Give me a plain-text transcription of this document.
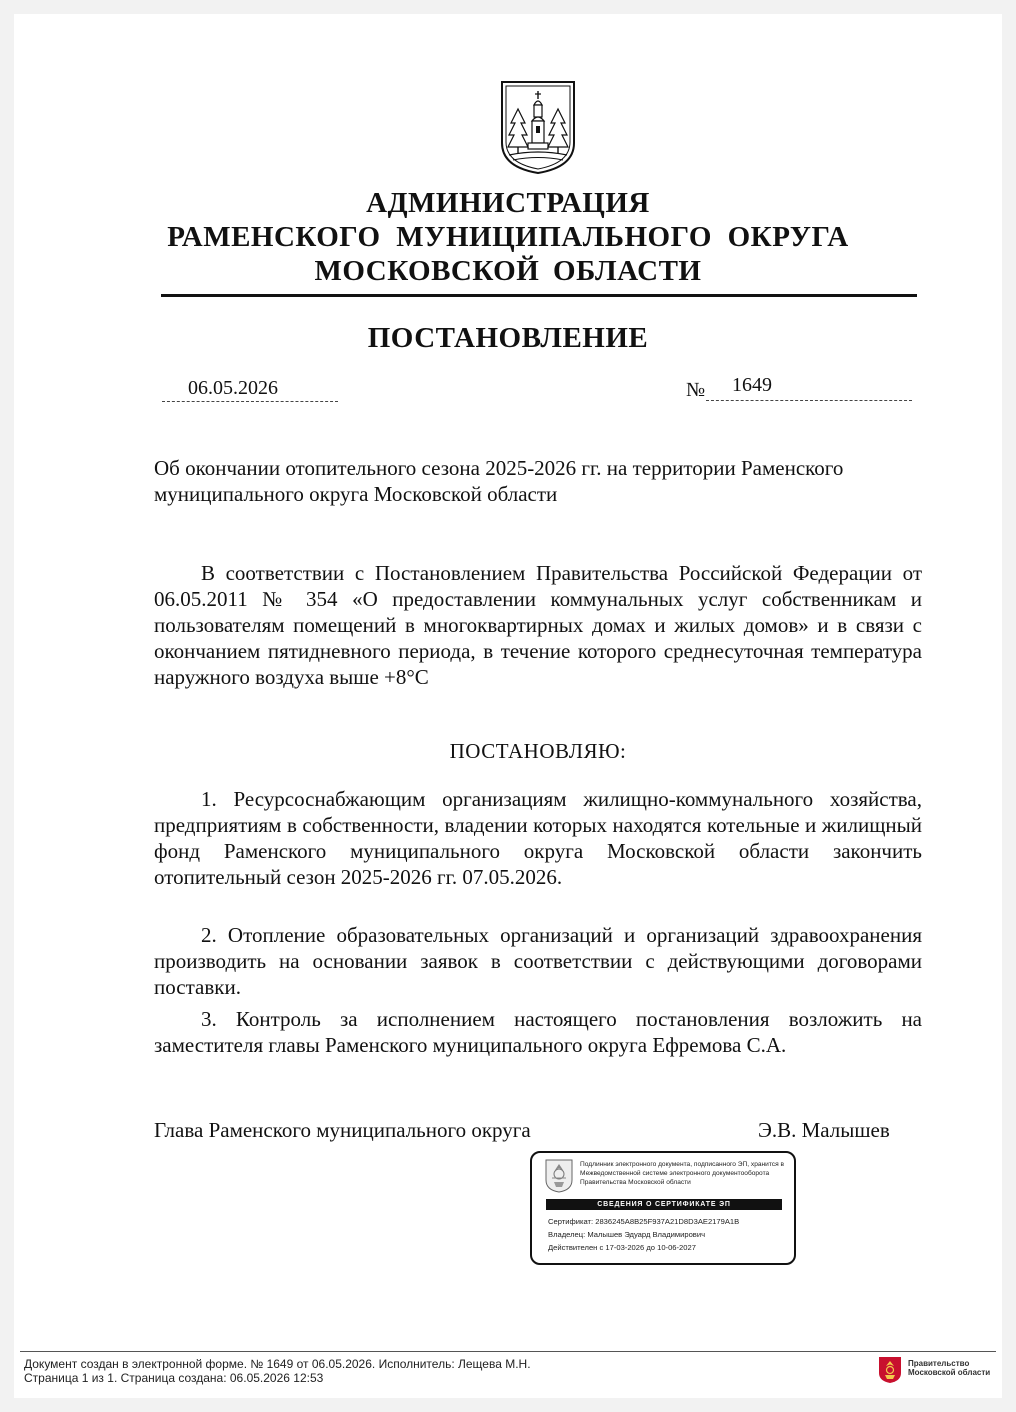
АДМИНИСТРАЦИЯ
РАМЕНСКОГО МУНИЦИПАЛЬНОГО ОКРУГА
МОСКОВСКОЙ ОБЛАСТИ
ПОСТАНОВЛЕНИЕ
06.05.2026	№ 1649
Об окончании отопительного сезона 2025-2026 гг. на территории Раменского муниципального округа Московской области
В соответствии с Постановлением Правительства Российской Федерации от 06.05.2011 № 354 «О предоставлении коммунальных услуг собственникам и пользователям помещений в многоквартирных домах и жилых домов» и в связи с окончанием пятидневного периода, в течение которого среднесуточная температура наружного воздуха выше +8°С
ПОСТАНОВЛЯЮ:
1. Ресурсоснабжающим организациям жилищно-коммунального хозяйства, предприятиям в собственности, владении которых находятся котельные и жилищный фонд Раменского муниципального округа Московской области закончить отопительный сезон 2025-2026 гг. 07.05.2026.
2. Отопление образовательных организаций и организаций здравоохранения производить на основании заявок в соответствии с действующими договорами поставки.
3. Контроль за исполнением настоящего постановления возложить на заместителя главы Раменского муниципального округа Ефремова С.А.
Глава Раменского муниципального округа	Э.В. Малышев
Подлинник электронного документа, подписанного ЭП, хранится в Межведомственной системе электронного документооборота Правительства Московской области
СВЕДЕНИЯ О СЕРТИФИКАТЕ ЭП
Сертификат: 2836245A8B25F937A21D8D3AE2179A1B
Владелец: Малышев Эдуард Владимирович
Действителен с 17-03-2026 до 10-06-2027
Документ создан в электронной форме. № 1649 от 06.05.2026. Исполнитель: Лещева М.Н.
Страница 1 из 1. Страница создана: 06.05.2026 12:53
Правительство
Московской области
